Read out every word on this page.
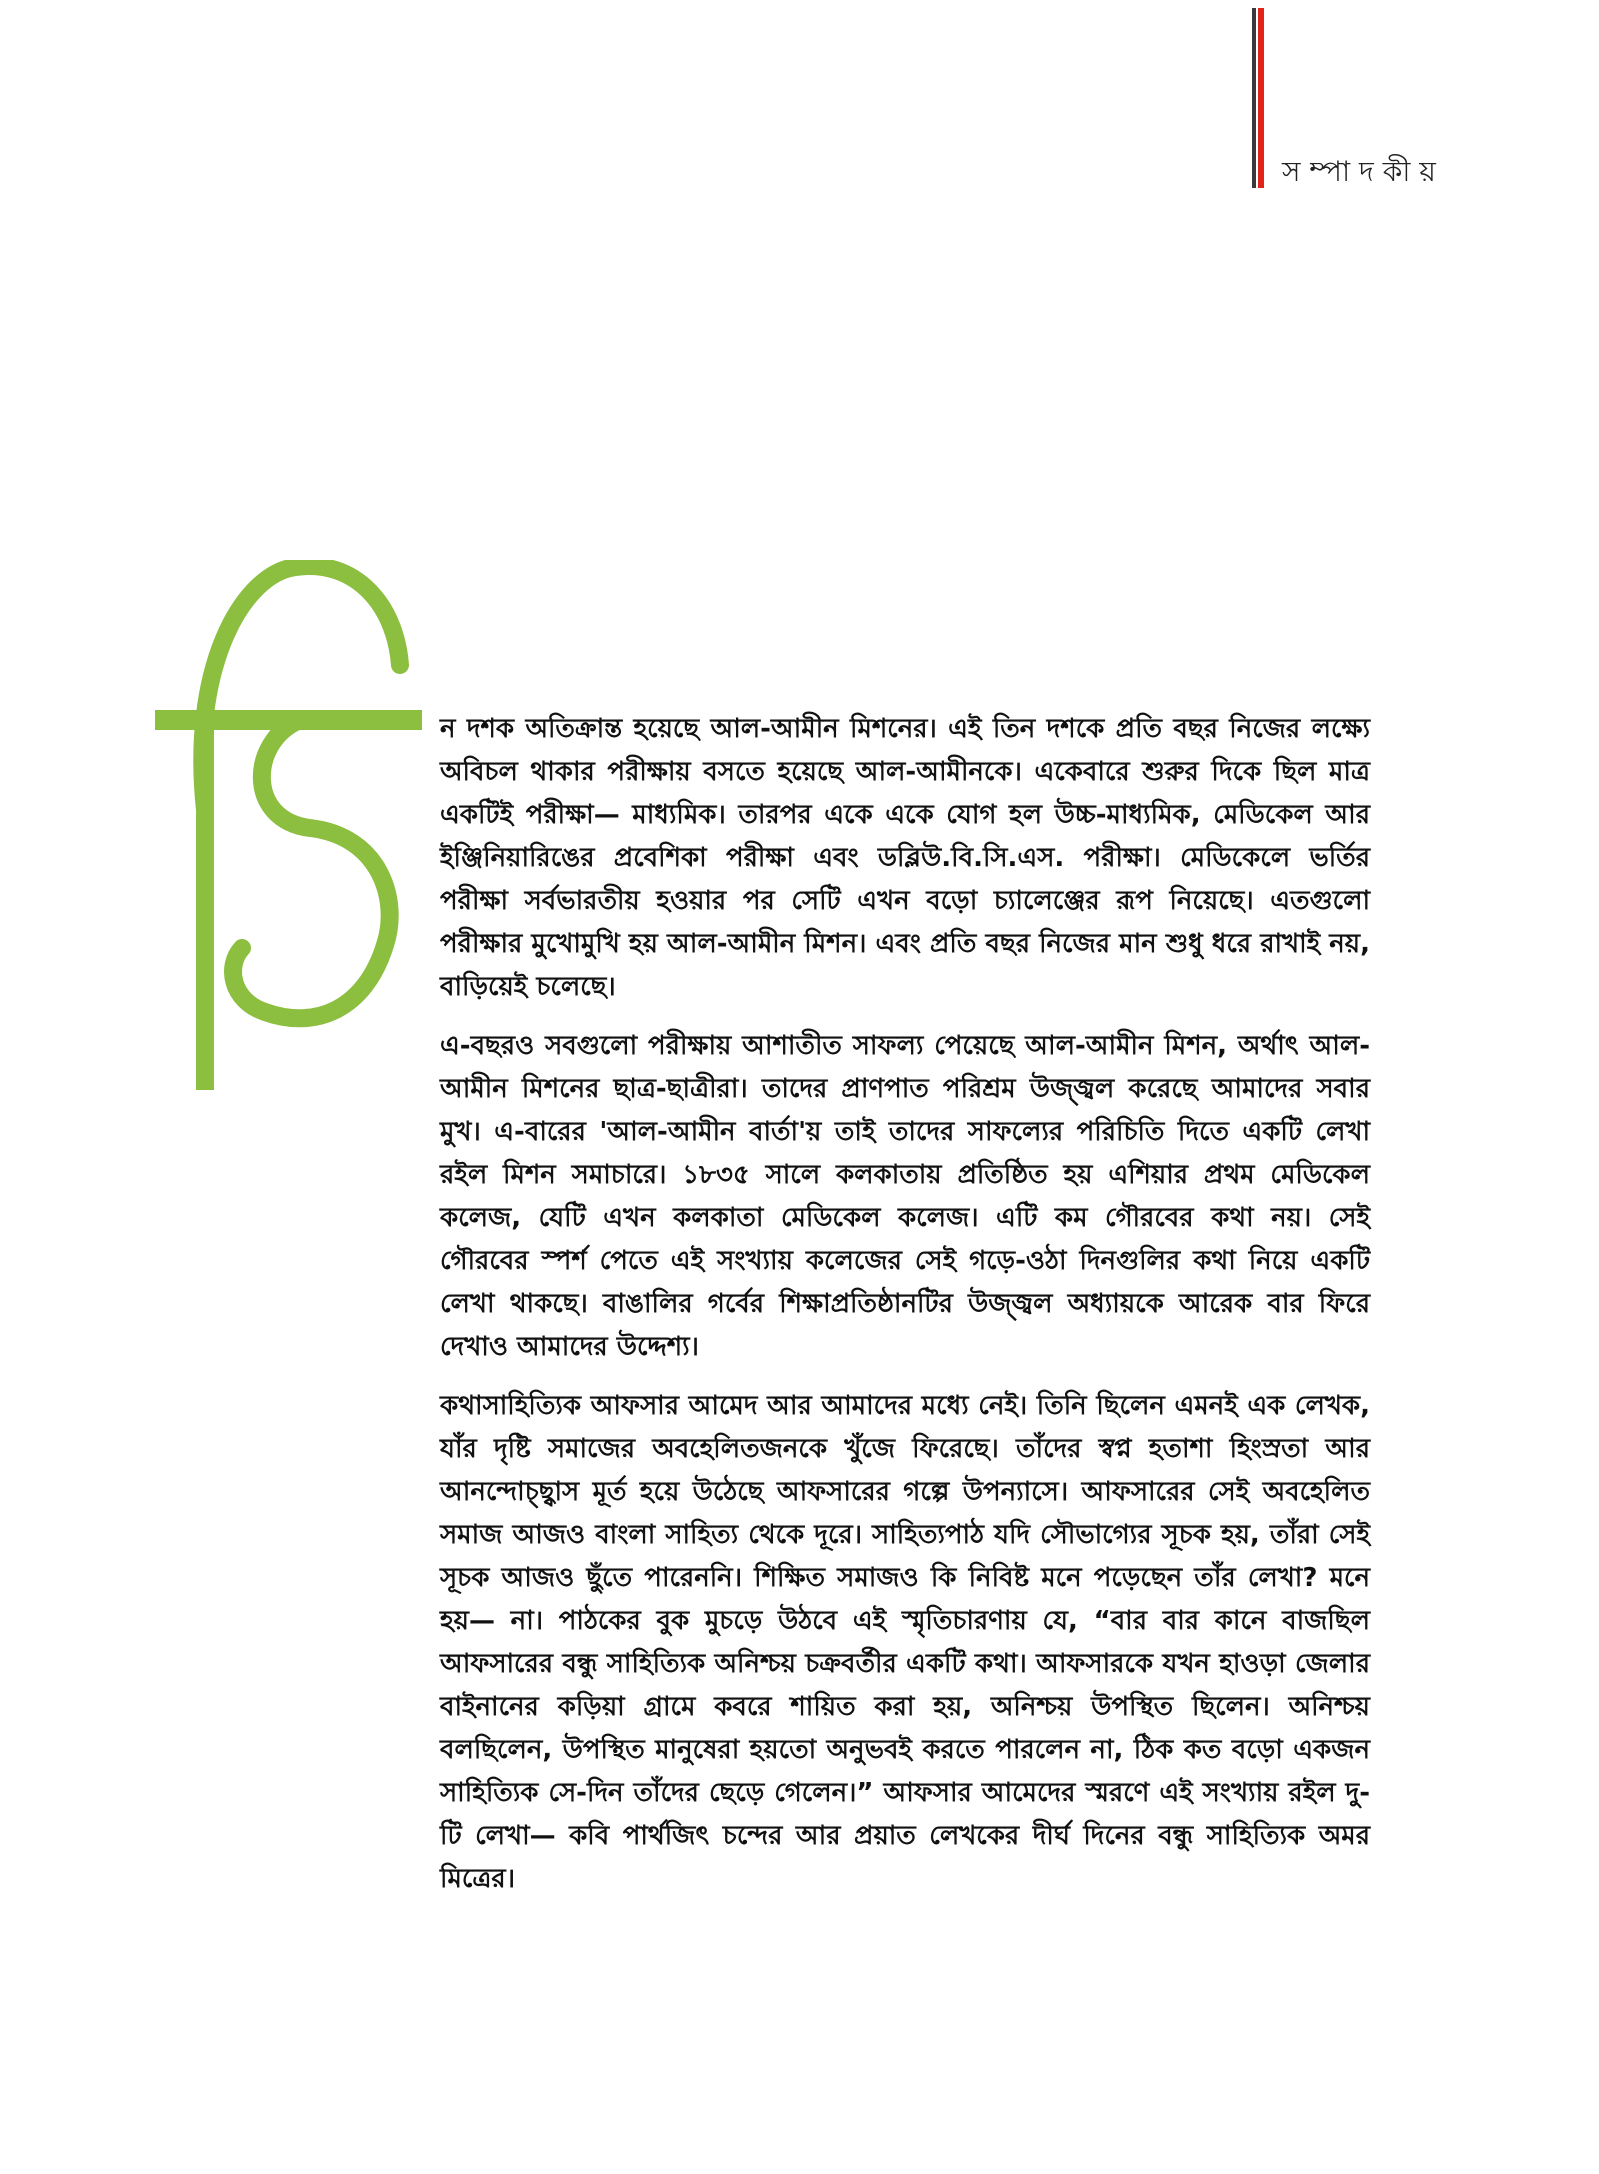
সম্পাদকীয়

ন দশক অতিক্রান্ত হয়েছে আল-আমীন মিশনের। এই তিন দশকে প্রতি বছর নিজের লক্ষ্যে অবিচল থাকার পরীক্ষায় বসতে হয়েছে আল-আমীনকে। একেবারে শুরুর দিকে ছিল মাত্র একটিই পরীক্ষা— মাধ্যমিক। তারপর একে একে যোগ হল উচ্চ-মাধ্যমিক, মেডিকেল আর ইঞ্জিনিয়ারিঙের প্রবেশিকা পরীক্ষা এবং ডব্লিউ.বি.সি.এস. পরীক্ষা। মেডিকেলে ভর্তির পরীক্ষা সর্বভারতীয় হওয়ার পর সেটি এখন বড়ো চ্যালেঞ্জের রূপ নিয়েছে। এতগুলো পরীক্ষার মুখোমুখি হয় আল-আমীন মিশন। এবং প্রতি বছর নিজের মান শুধু ধরে রাখাই নয়, বাড়িয়েই চলেছে।

এ-বছরও সবগুলো পরীক্ষায় আশাতীত সাফল্য পেয়েছে আল-আমীন মিশন, অর্থাৎ আল-আমীন মিশনের ছাত্র-ছাত্রীরা। তাদের প্রাণপাত পরিশ্রম উজ্জ্বল করেছে আমাদের সবার মুখ। এ-বারের 'আল-আমীন বার্তা'য় তাই তাদের সাফল্যের পরিচিতি দিতে একটি লেখা রইল মিশন সমাচারে। ১৮৩৫ সালে কলকাতায় প্রতিষ্ঠিত হয় এশিয়ার প্রথম মেডিকেল কলেজ, যেটি এখন কলকাতা মেডিকেল কলেজ। এটি কম গৌরবের কথা নয়। সেই গৌরবের স্পর্শ পেতে এই সংখ্যায় কলেজের সেই গড়ে-ওঠা দিনগুলির কথা নিয়ে একটি লেখা থাকছে। বাঙালির গর্বের শিক্ষাপ্রতিষ্ঠানটির উজ্জ্বল অধ্যায়কে আরেক বার ফিরে দেখাও আমাদের উদ্দেশ্য।

কথাসাহিত্যিক আফসার আমেদ আর আমাদের মধ্যে নেই। তিনি ছিলেন এমনই এক লেখক, যাঁর দৃষ্টি সমাজের অবহেলিতজনকে খুঁজে ফিরেছে। তাঁদের স্বপ্ন হতাশা হিংস্রতা আর আনন্দোচ্ছ্বাস মূর্ত হয়ে উঠেছে আফসারের গল্পে উপন্যাসে। আফসারের সেই অবহেলিত সমাজ আজও বাংলা সাহিত্য থেকে দূরে। সাহিত্যপাঠ যদি সৌভাগ্যের সূচক হয়, তাঁরা সেই সূচক আজও ছুঁতে পারেননি। শিক্ষিত সমাজও কি নিবিষ্ট মনে পড়েছেন তাঁর লেখা? মনে হয়— না। পাঠকের বুক মুচড়ে উঠবে এই স্মৃতিচারণায় যে, “বার বার কানে বাজছিল আফসারের বন্ধু সাহিত্যিক অনিশ্চয় চক্রবর্তীর একটি কথা। আফসারকে যখন হাওড়া জেলার বাইনানের কড়িয়া গ্রামে কবরে শায়িত করা হয়, অনিশ্চয় উপস্থিত ছিলেন। অনিশ্চয় বলছিলেন, উপস্থিত মানুষেরা হয়তো অনুভবই করতে পারলেন না, ঠিক কত বড়ো একজন সাহিত্যিক সে-দিন তাঁদের ছেড়ে গেলেন।” আফসার আমেদের স্মরণে এই সংখ্যায় রইল দু-টি লেখা— কবি পার্থজিৎ চন্দের আর প্রয়াত লেখকের দীর্ঘ দিনের বন্ধু সাহিত্যিক অমর মিত্রের।
